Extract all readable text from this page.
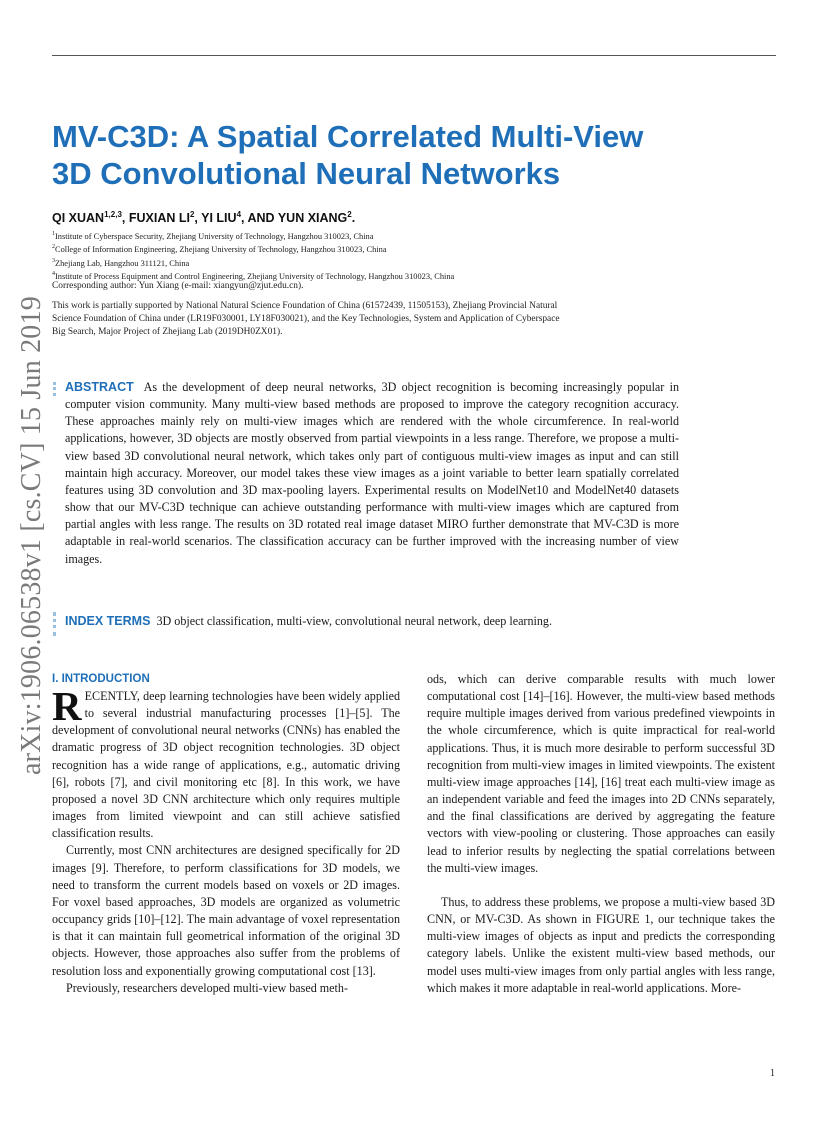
arXiv:1906.06538v1 [cs.CV] 15 Jun 2019
MV-C3D: A Spatial Correlated Multi-View
3D Convolutional Neural Networks

QI XUAN$^{1,2,3}$, FUXIAN $LI^2$, YI LIU$^4$, AND YUN XIANG$^2$.

$^1$Institute of Cyberspace Security, Zhejiang University of Technology, Hangzhou 310023, China
$^2$College of Information Engineering, Zhejiang University of Technology, Hangzhou 310023, China
$^3$Zhejiang Lab, Hangzhou 311121, China
$^4$Institute of Process Equipment and Control Engineering, Zhejiang University of Technology, Hangzhou 310023, China
Corresponding author: Yun Xiang (e-mail: xiangyun@zjut.edu.cn).
This work is partially supported by National Natural Science Foundation of China (61572439, 11505153), Zhejiang Provincial Natural
Science Foundation of China under (LR19F030001, LY18F030021), and the Key Technologies, System and Application of Cyberspace
Big Search, Major Project of Zhejiang Lab (2019DH0ZX01).
ABSTRACT As the development of deep neural networks, 3D object recognition is becoming increasingly popular in computer vision community. Many multi-view based methods are proposed to improve the category recognition accuracy. These approaches mainly rely on multi-view images which are rendered with the whole circumference. In real-world applications, however, 3D objects are mostly observed from partial viewpoints in a less range. Therefore, we propose a multi-view based 3D convolutional neural network, which takes only part of contiguous multi-view images as input and can still maintain high accuracy. Moreover, our model takes these view images as a joint variable to better learn spatially correlated features using 3D convolution and 3D max-pooling layers. Experimental results on ModelNet10 and ModelNet40 datasets show that our MV-C3D technique can achieve outstanding performance with multi-view images which are captured from partial angles with less range. The results on 3D rotated real image dataset MIRO further demonstrate that MV-C3D is more adaptable in real-world scenarios. The classification accuracy can be further improved with the increasing number of view images.
INDEX TERMS 3D object classification, multi-view, convolutional neural network, deep learning.
I. INTRODUCTION

RECENTLY, deep learning technologies have been widely applied to several industrial manufacturing processes [1]–[5]. The development of convolutional neural networks (CNNs) has enabled the dramatic progress of 3D object recognition technologies. 3D object recognition has a wide range of applications, e.g., automatic driving [6], robots [7], and civil monitoring etc [8]. In this work, we have proposed a novel 3D CNN architecture which only requires multiple images from limited viewpoint and can still achieve satisfied classification results.

Currently, most CNN architectures are designed specifically for 2D images [9]. Therefore, to perform classifications for 3D models, we need to transform the current models based on voxels or 2D images. For voxel based approaches, 3D models are organized as volumetric occupancy grids [10]–[12]. The main advantage of voxel representation is that it can maintain full geometrical information of the original 3D objects. However, those approaches also suffer from the problems of resolution loss and exponentially growing computational cost [13].

Previously, researchers developed multi-view based meth-

ods, which can derive comparable results with much lower computational cost [14]–[16]. However, the multi-view based methods require multiple images derived from various predefined viewpoints in the whole circumference, which is quite impractical for real-world applications. Thus, it is much more desirable to perform successful 3D recognition from multi-view images in limited viewpoints. The existent multi-view image approaches [14], [16] treat each multi-view image as an independent variable and feed the images into 2D CNNs separately, and the final classifications are derived by aggregating the feature vectors with view-pooling or clustering. Those approaches can easily lead to inferior results by neglecting the spatial correlations between the multi-view images.

Thus, to address these problems, we propose a multi-view based 3D CNN, or MV-C3D. As shown in FIGURE 1, our technique takes the multi-view images of objects as input and predicts the corresponding category labels. Unlike the existent multi-view based methods, our model uses multi-view images from only partial angles with less range, which makes it more adaptable in real-world applications. More-

1
